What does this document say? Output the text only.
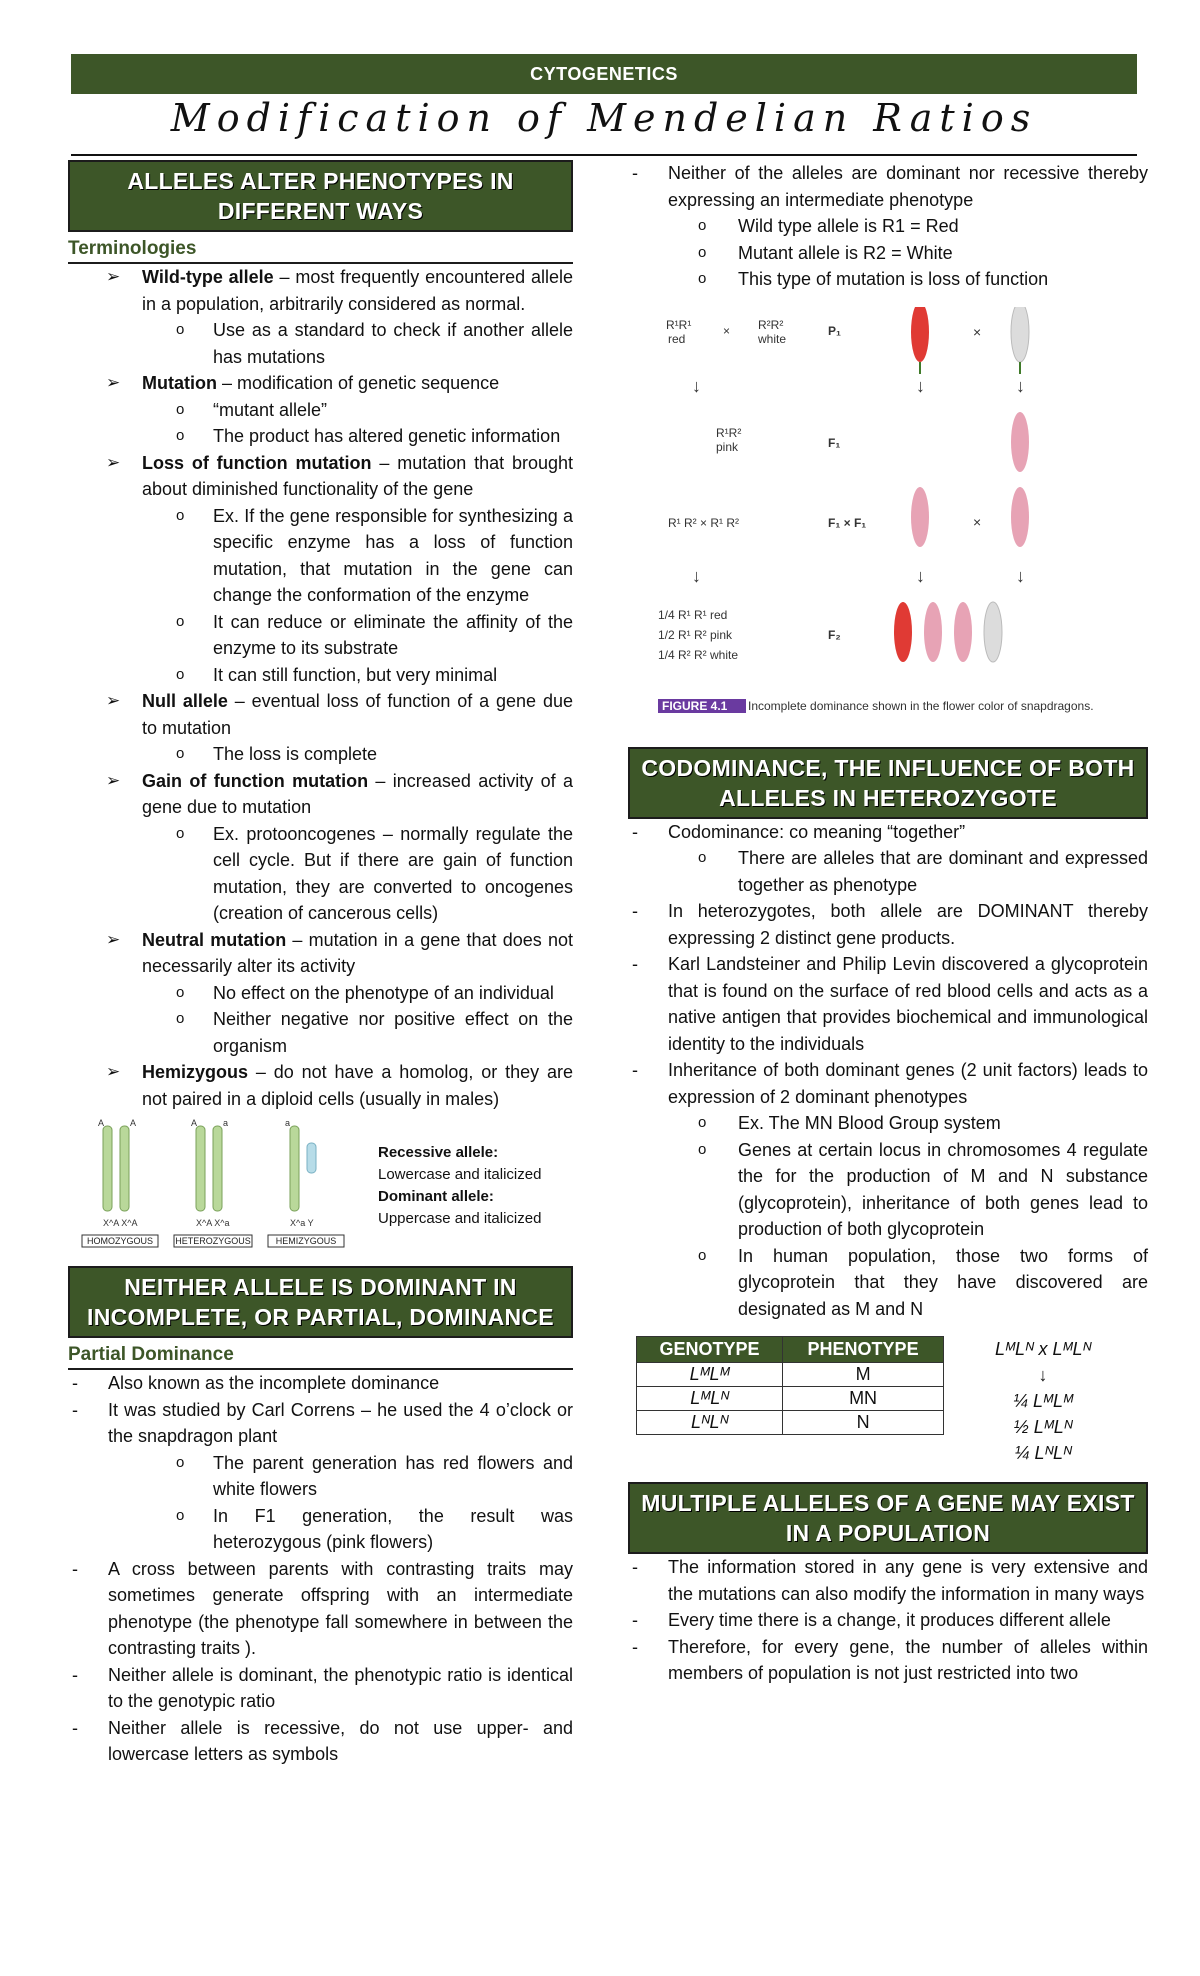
CYTOGENETICS
Modification of Mendelian Ratios
ALLELES ALTER PHENOTYPES IN DIFFERENT WAYS
Terminologies
➢ Wild-type allele – most frequently encountered allele in a population, arbitrarily considered as normal.
o Use as a standard to check if another allele has mutations
➢ Mutation – modification of genetic sequence
o “mutant allele”
o The product has altered genetic information
➢ Loss of function mutation – mutation that brought about diminished functionality of the gene
o Ex. If the gene responsible for synthesizing a specific enzyme has a loss of function mutation, that mutation in the gene can change the conformation of the enzyme
o It can reduce or eliminate the affinity of the enzyme to its substrate
o It can still function, but very minimal
➢ Null allele – eventual loss of function of a gene due to mutation
o The loss is complete
➢ Gain of function mutation – increased activity of a gene due to mutation
o Ex. protooncogenes – normally regulate the cell cycle. But if there are gain of function mutation, they are converted to oncogenes (creation of cancerous cells)
➢ Neutral mutation – mutation in a gene that does not necessarily alter its activity
o No effect on the phenotype of an individual
o Neither negative nor positive effect on the organism
➢ Hemizygous – do not have a homolog, or they are not paired in a diploid cells (usually in males)
A	A	A	a	a
X^A X^A	X^A X^a	X^a Y
HOMOZYGOUS HETEROZYGOUS	HEMIZYGOUS
Recessive allele:
Lowercase and italicized
Dominant allele:
Uppercase and italicized
NEITHER ALLELE IS DOMINANT IN INCOMPLETE, OR PARTIAL, DOMINANCE
Partial Dominance
- Also known as the incomplete dominance
- It was studied by Carl Correns – he used the 4 o’clock or the snapdragon plant
o The parent generation has red flowers and white flowers
o In F1 generation, the result was heterozygous (pink flowers)
- A cross between parents with contrasting traits may sometimes generate offspring with an intermediate phenotype (the phenotype fall somewhere in between the contrasting traits ).
- Neither allele is dominant, the phenotypic ratio is identical to the genotypic ratio
- Neither allele is recessive, do not use upper- and lowercase letters as symbols
- Neither of the alleles are dominant nor recessive thereby expressing an intermediate phenotype
o Wild type allele is R1 = Red
o Mutant allele is R2 = White
o This type of mutation is loss of function
R¹R¹
red
× R²R²
white
P₁
↓
R¹R²
pink	F₁
R¹ R² × R¹ R²	F₁ × F₁
↓
1/4 R¹ R¹ red
1/2 R¹ R² pink
1/4 R² R² white
F₂
×
↓	↓
×
↓	↓
FIGURE 4.1 Incomplete dominance shown in the flower color of snapdragons.
CODOMINANCE, THE INFLUENCE OF BOTH ALLELES IN HETEROZYGOTE
- Codominance: co meaning “together”
o There are alleles that are dominant and expressed together as phenotype
- In heterozygotes, both allele are DOMINANT thereby expressing 2 distinct gene products.
- Karl Landsteiner and Philip Levin discovered a glycoprotein that is found on the surface of red blood cells and acts as a native antigen that provides biochemical and immunological identity to the individuals
- Inheritance of both dominant genes (2 unit factors) leads to expression of 2 dominant phenotypes
o Ex. The MN Blood Group system
o Genes at certain locus in chromosomes 4 regulate the for the production of M and N substance (glycoprotein), inheritance of both genes lead to production of both glycoprotein
o In human population, those two forms of glycoprotein that they have discovered are designated as M and N
GENOTYPE	PHENOTYPE
LᴹLᴹ	M
LᴹLᴺ	MN
LᴺLᴺ	N
LᴹLᴺ x LᴹLᴺ
↓
¼ LᴹLᴹ
½ LᴹLᴺ
¼ LᴺLᴺ
MULTIPLE ALLELES OF A GENE MAY EXIST IN A POPULATION
- The information stored in any gene is very extensive and the mutations can also modify the information in many ways
- Every time there is a change, it produces different allele
- Therefore, for every gene, the number of alleles within members of population is not just restricted into two
